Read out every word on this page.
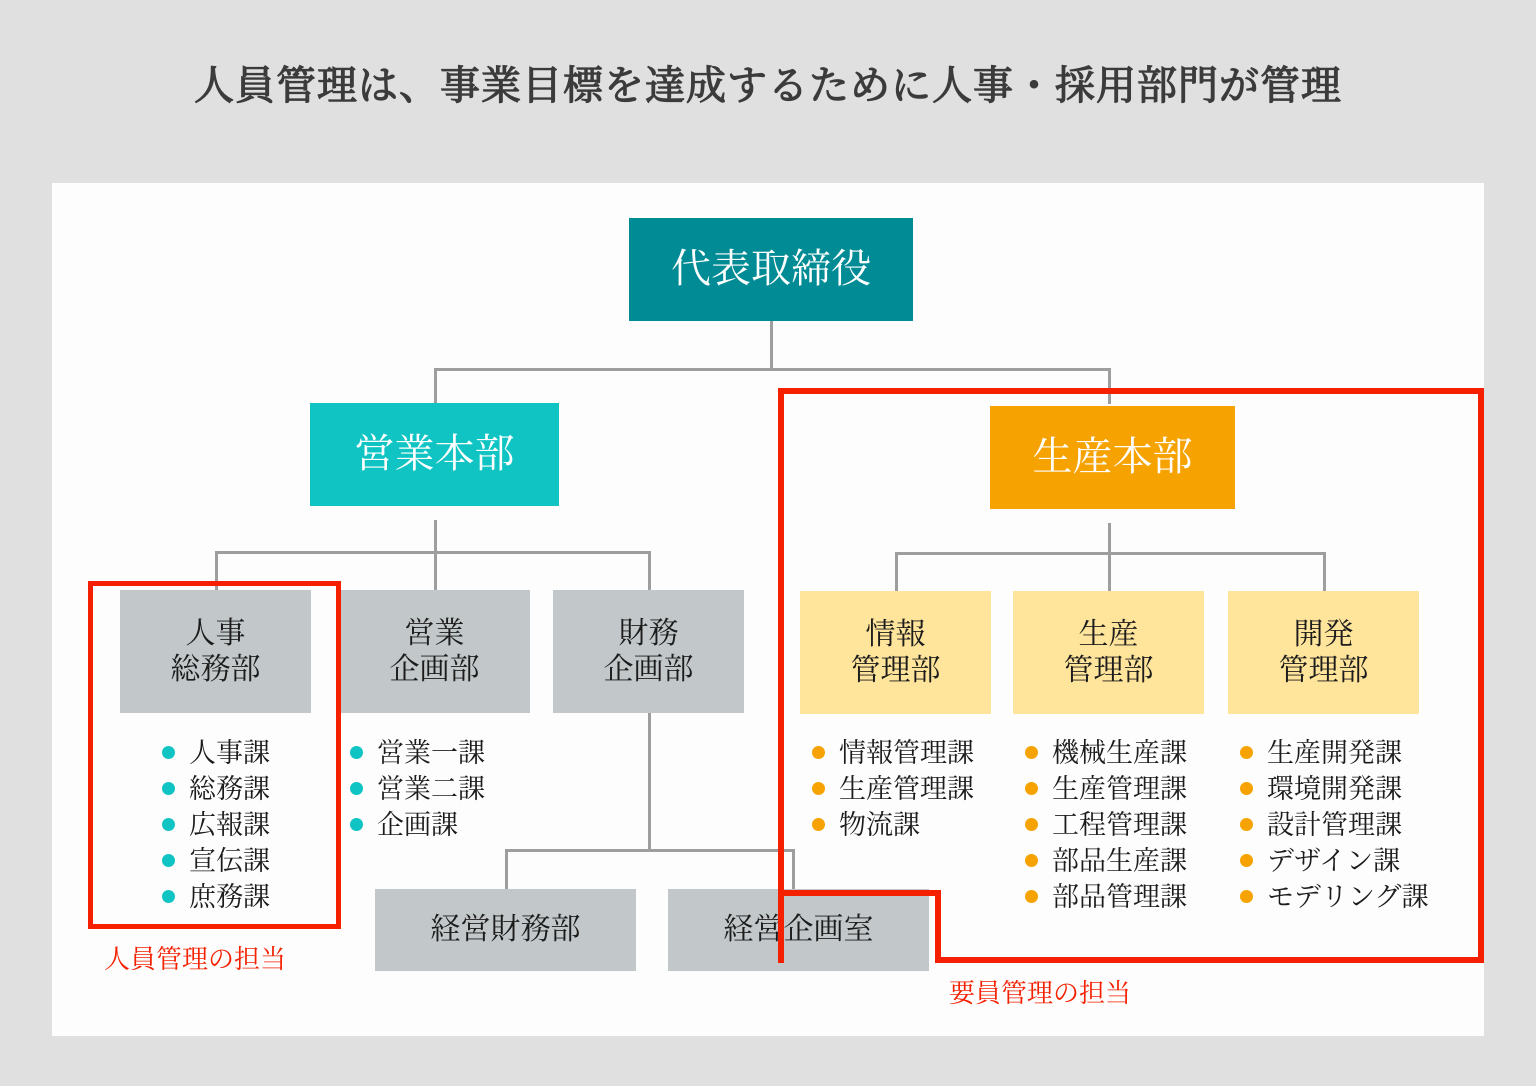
人員管理は、事業目標を達成するために人事・採用部門が管理
代表取締役
営業本部	生産本部
人事
総務部
営業
企画部
財務
企画部
情報
管理部
生産
管理部
開発
管理部
経営財務部	経営企画室
人事課
総務課
広報課
宣伝課
庶務課
営業一課
営業二課
企画課
情報管理課
生産管理課
物流課
機械生産課
生産管理課
工程管理課
部品生産課
部品管理課
生産開発課
環境開発課
設計管理課
デザイン課
モデリング課
人員管理の担当
要員管理の担当
